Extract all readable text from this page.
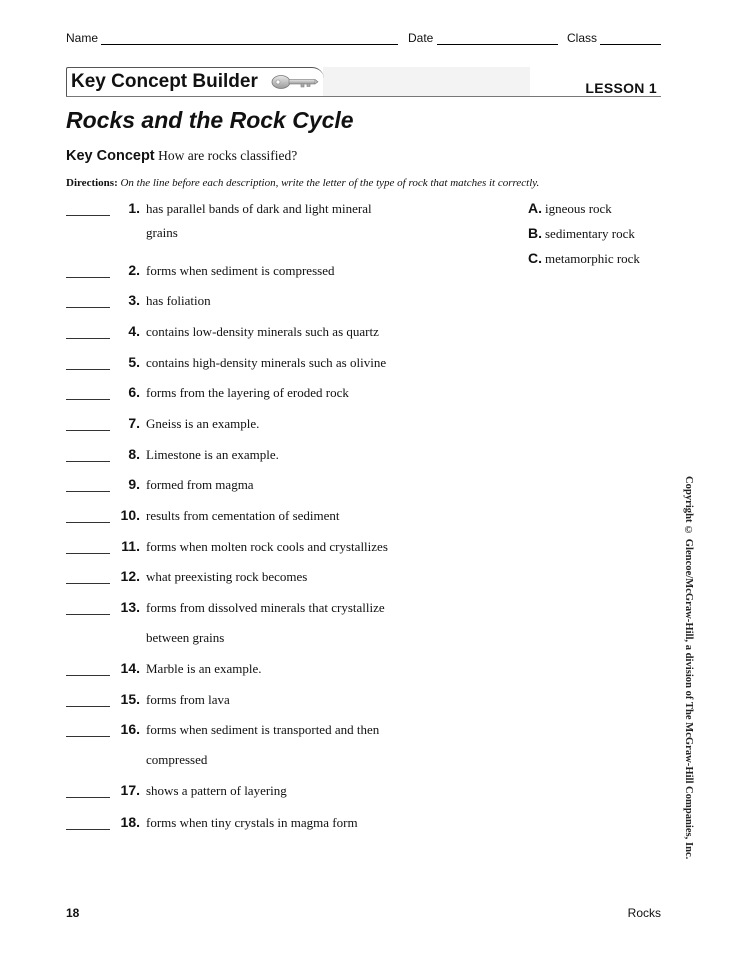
Name	Date	Class
Key Concept Builder	LESSON 1
Rocks and the Rock Cycle
Key Concept How are rocks classified?
Directions: On the line before each description, write the letter of the type of rock that matches it correctly.
A. igneous rock
B. sedimentary rock
C. metamorphic rock
1. has parallel bands of dark and light mineral
grains
2. forms when sediment is compressed
3. has foliation
4. contains low-density minerals such as quartz
5. contains high-density minerals such as olivine
6. forms from the layering of eroded rock
7. Gneiss is an example.
8. Limestone is an example.
9. formed from magma
10. results from cementation of sediment
11. forms when molten rock cools and crystallizes
12. what preexisting rock becomes
13. forms from dissolved minerals that crystallize
between grains
14. Marble is an example.
15. forms from lava
16. forms when sediment is transported and then
compressed
17. shows a pattern of layering
18. forms when tiny crystals in magma form	Copyright © Glencoe/McGraw-Hill, a division of The McGraw-Hill Companies, Inc.
18	Rocks
